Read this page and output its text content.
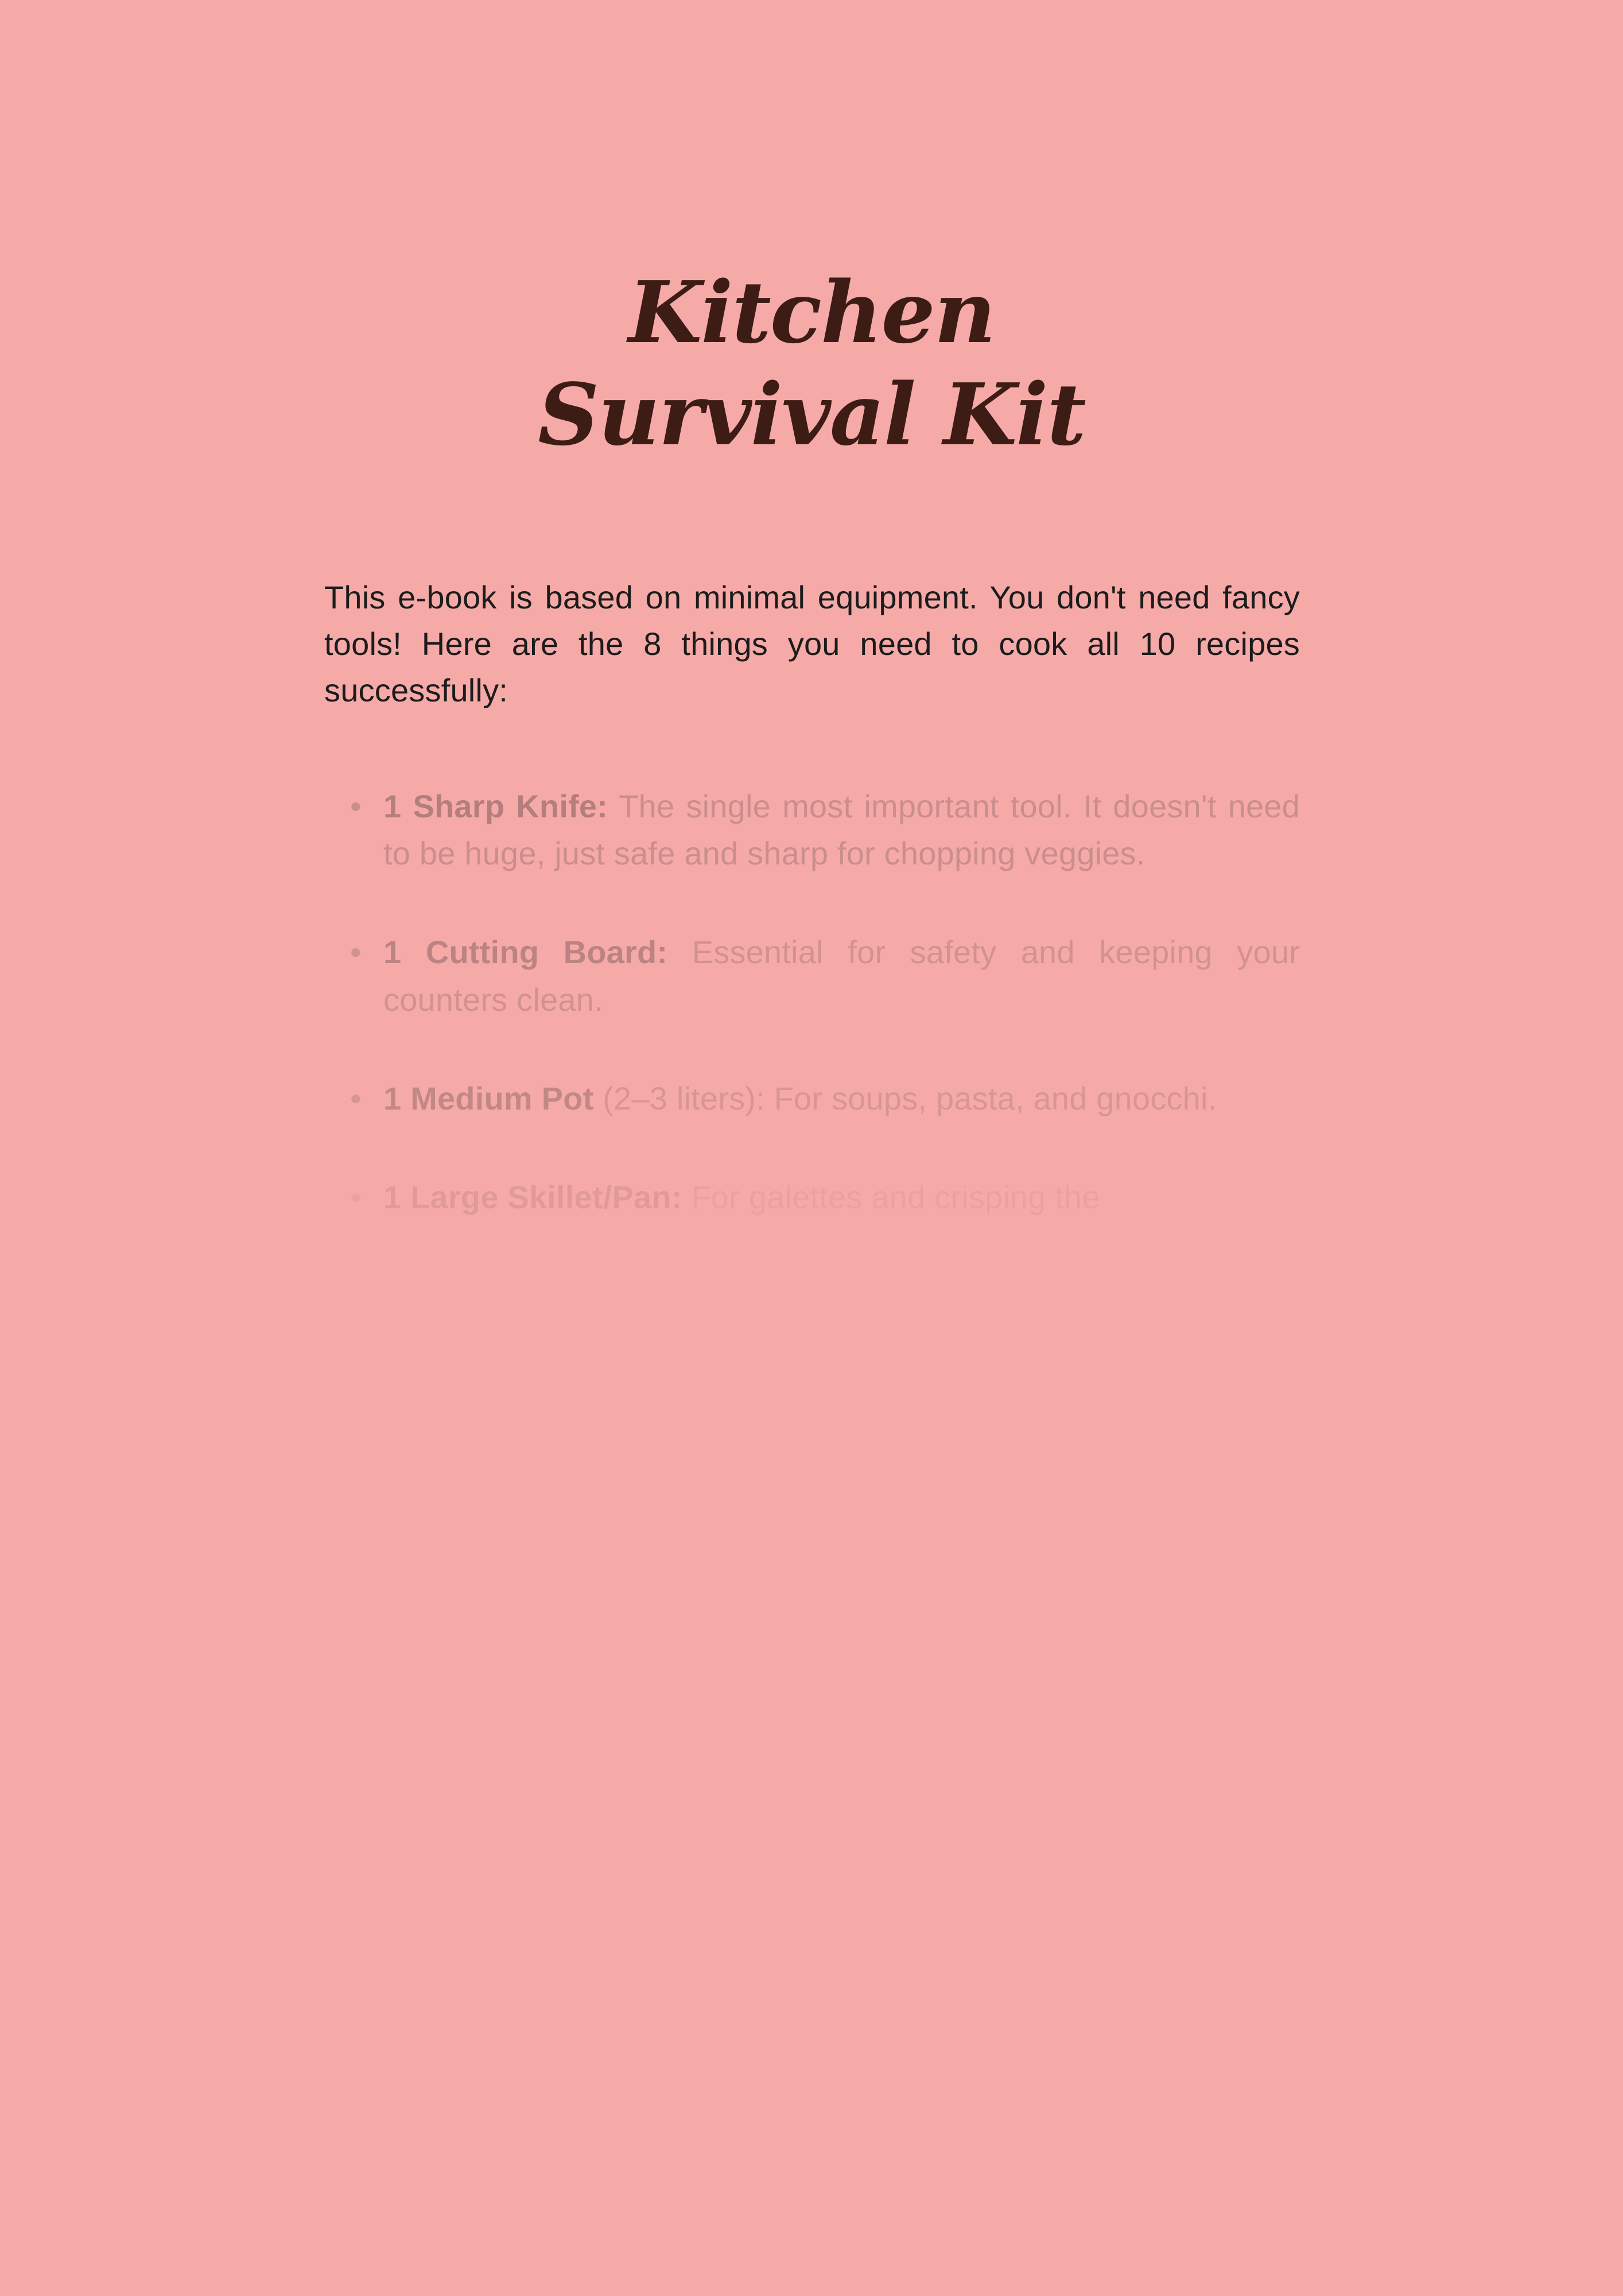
Kitchen
Survival Kit

This e-book is based on minimal equipment. You don't need fancy tools! Here are the 8 things you need to cook all 10 recipes successfully:

• 1 Sharp Knife: The single most important tool. It doesn't need to be huge, just safe and sharp for chopping veggies.
• 1 Cutting Board: Essential for safety and keeping your counters clean.
• 1 Medium Pot (2–3 liters): For soups, pasta, and gnocchi.
• 1 Large Skillet/Pan: For galettes and crisping the
